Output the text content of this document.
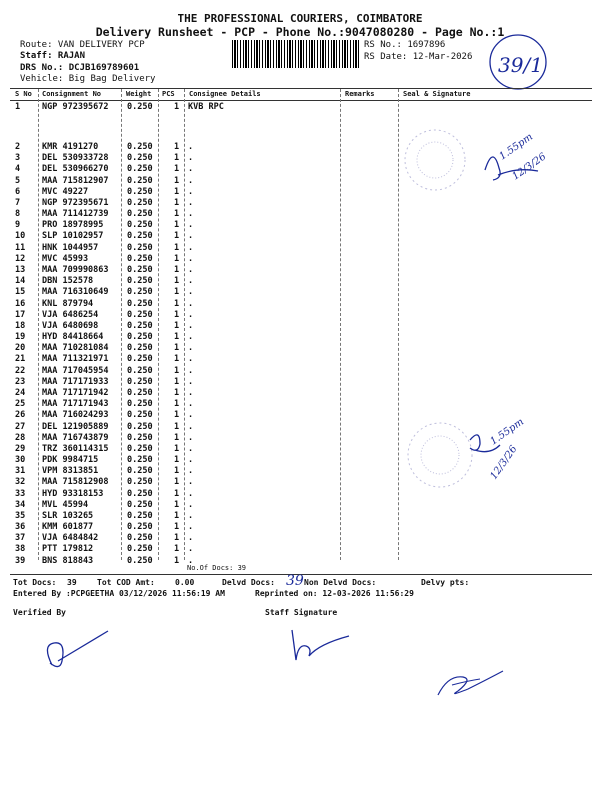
THE PROFESSIONAL COURIERS, COIMBATORE
Delivery Runsheet - PCP - Phone No.:9047080280 - Page No.:1
Route: VAN DELIVERY PCP
Staff: RAJAN
DRS No.: DCJB169789601
Vehicle: Big Bag Delivery
RS No.: 1697896
RS Date: 12-Mar-2026 39/1
S No Consignment No	Weight PCS Consignee Details	Remarks	Seal & Signature
1	NGP 972395672 0.250	1 KVB RPC
2	KMR 4191270	0.250	1 .
3	DEL 530933728 0.250	1 .
4	DEL 530966270 0.250	1 .
5	MAA 715812907 0.250	1 .
6	MVC 49227	0.250	1 .
7	NGP 972395671 0.250	1 .
8	MAA 711412739 0.250	1 .
9	PRO 18978995	0.250	1 .
10 SLP 10102957	0.250	1 .
11 HNK 1044957	0.250	1 .
12 MVC 45993	0.250	1 .
13 MAA 709990863 0.250	1 .
14 DBN 152578	0.250	1 .
15 MAA 716310649 0.250	1 .
16 KNL 879794	0.250	1 .
17 VJA 6486254	0.250	1 .
18 VJA 6480698	0.250	1 .
19 HYD 84418664	0.250	1 .
20 MAA 710281084 0.250	1 .
21 MAA 711321971 0.250	1 .
22 MAA 717045954 0.250	1 .
23 MAA 717171933 0.250	1 .
24 MAA 717171942 0.250	1 .
25 MAA 717171943 0.250	1 .
26 MAA 716024293 0.250	1 .
27 DEL 121905889 0.250	1 .
28 MAA 716743879 0.250	1 .
29 TRZ 360114315 0.250	1 .
30 PDK 9984715	0.250	1 .
31 VPM 8313851	0.250	1 .
32 MAA 715812908 0.250	1 .
33 HYD 93318153	0.250	1 .
34 MVL 45994	0.250	1 .
35 SLR 103265	0.250	1 .
36 KMM 601877	0.250	1 .
37 VJA 6484842	0.250	1 .
38 PTT 179812	0.250	1 .
39 BNS 818843	0.250	1 .
No.Of Docs: 39
Tot Docs: 39	Tot COD Amt:	0.00	Delvd Docs: 39 Non Delvd Docs:	Delvy pts:
Entered By :PCPGEETHA 03/12/2026 11:56:19 AM	Reprinted on: 12-03-2026 11:56:29
Verified By	Staff Signature
1.55pm
12/3/26
1.55pm
12/3/26
